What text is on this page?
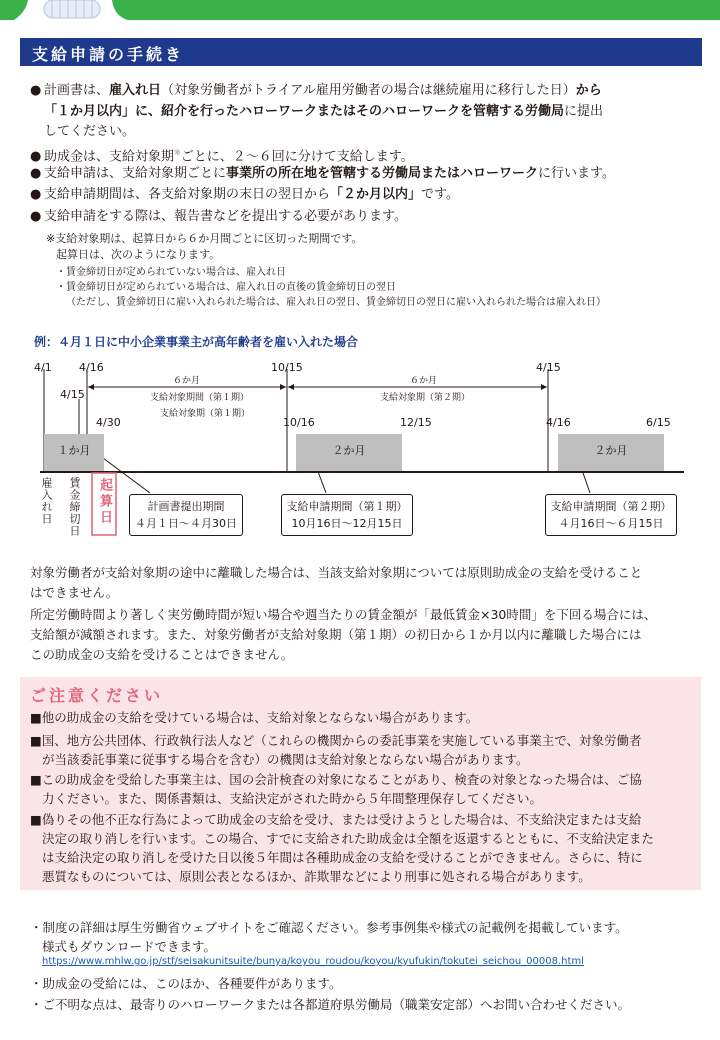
支給申請の手続き
● 計画書は、雇入れ日（対象労働者がトライアル雇用労働者の場合は継続雇用に移行した日）から
「１か月以内」に、紹介を行ったハローワークまたはそのハローワークを管轄する労働局に提出
してください。
● 助成金は、支給対象期※ごとに、２～６回に分けて支給します。
● 支給申請は、支給対象期ごとに事業所の所在地を管轄する労働局またはハローワークに行います。
● 支給申請期間は、各支給対象期の末日の翌日から「２か月以内」です。
● 支給申請をする際は、報告書などを提出する必要があります。
※支給対象期は、起算日から６か月間ごとに区切った期間です。
起算日は、次のようになります。
・賃金締切日が定められていない場合は、雇入れ日
・賃金締切日が定められている場合は、雇入れ日の直後の賃金締切日の翌日
（ただし、賃金締切日に雇い入れられた場合は、雇入れ日の翌日、賃金締切日の翌日に雇い入れられた場合は雇入れ日）
例：４月１日に中小企業事業主が高年齢者を雇い入れた場合
4/1 4/16
4/15
4/30
10/15
10/16	12/15
4/15
4/16	6/15
６か月	６か月
支給対象期間（第１期）
支給対象期（第１期）
支給対象期（第２期）
１か月	２か月	２か月
雇入れ日 賃金締切日 起算日	計画書提出期間
４月１日～４月30日
支給申請期間（第１期）
10月16日～12月15日
支給申請期間（第２期）
４月16日～６月15日
対象労働者が支給対象期の途中に離職した場合は、当該支給対象期については原則助成金の支給を受けること
はできません。
所定労働時間より著しく実労働時間が短い場合や週当たりの賃金額が「最低賃金×30時間」を下回る場合には、
支給額が減額されます。また、対象労働者が支給対象期（第１期）の初日から１か月以内に離職した場合には
この助成金の支給を受けることはできません。
ご注意ください
■他の助成金の支給を受けている場合は、支給対象とならない場合があります。
■国、地方公共団体、行政執行法人など（これらの機関からの委託事業を実施している事業主で、対象労働者
が当該委託事業に従事する場合を含む）の機関は支給対象とならない場合があります。
■この助成金を受給した事業主は、国の会計検査の対象になることがあり、検査の対象となった場合は、ご協
力ください。また、関係書類は、支給決定がされた時から５年間整理保存してください。
■偽りその他不正な行為によって助成金の支給を受け、または受けようとした場合は、不支給決定または支給
決定の取り消しを行います。この場合、すでに支給された助成金は全額を返還するとともに、不支給決定また
は支給決定の取り消しを受けた日以後５年間は各種助成金の支給を受けることができません。さらに、特に
悪質なものについては、原則公表となるほか、詐欺罪などにより刑事に処される場合があります。
・制度の詳細は厚生労働省ウェブサイトをご確認ください。参考事例集や様式の記載例を掲載しています。
様式もダウンロードできます。
https://www.mhlw.go.jp/stf/seisakunitsuite/bunya/koyou_roudou/koyou/kyufukin/tokutei_seichou_00008.html
・助成金の受給には、このほか、各種要件があります。
・ご不明な点は、最寄りのハローワークまたは各都道府県労働局（職業安定部）へお問い合わせください。
